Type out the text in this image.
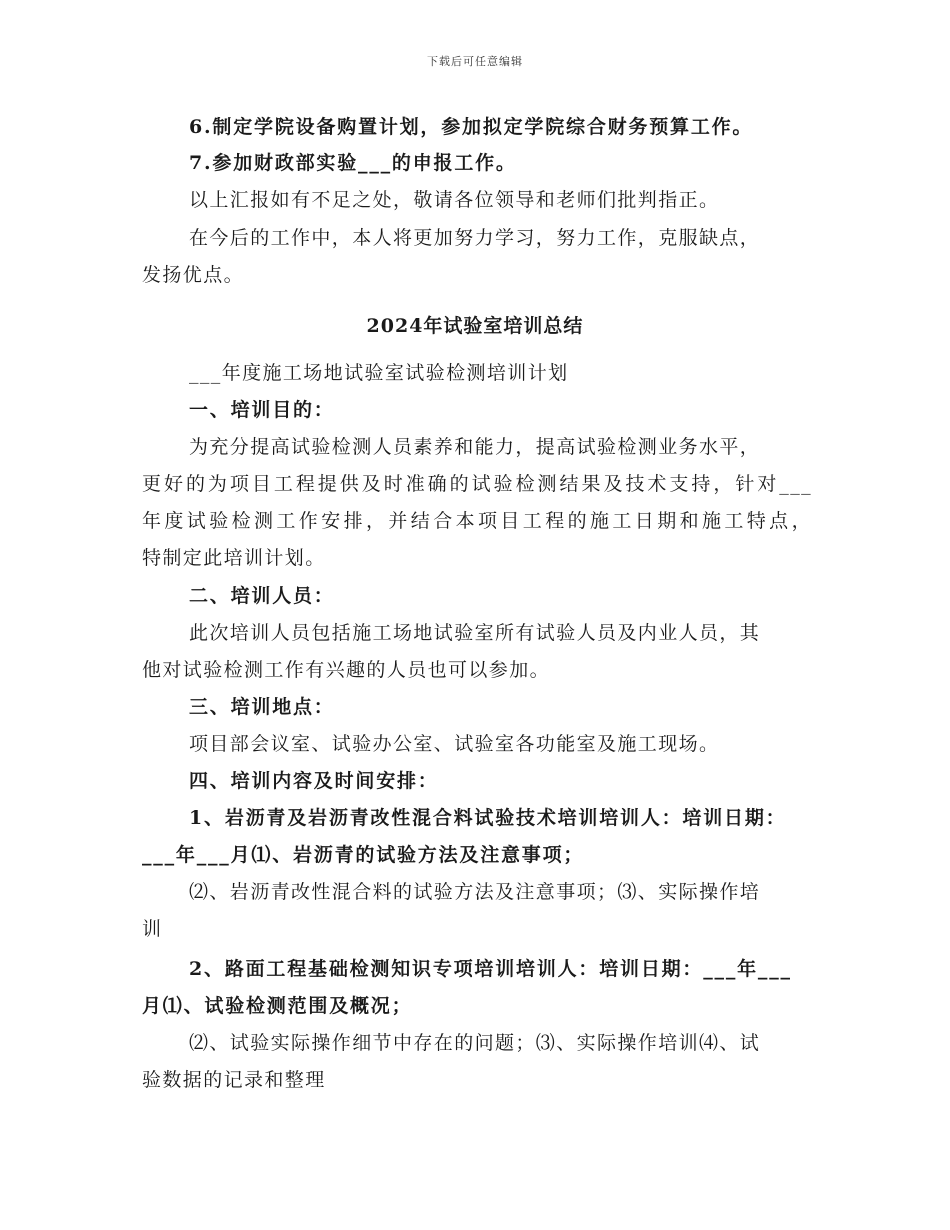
下载后可任意编辑
6.制定学院设备购置计划，参加拟定学院综合财务预算工作。
7.参加财政部实验___的申报工作。
以上汇报如有不足之处，敬请各位领导和老师们批判指正。
在今后的工作中，本人将更加努力学习，努力工作，克服缺点，
发扬优点。
2024年试验室培训总结
___年度施工场地试验室试验检测培训计划
一、培训目的：
为充分提高试验检测人员素养和能力，提高试验检测业务水平，
更好的为项目工程提供及时准确的试验检测结果及技术支持，针对___
年度试验检测工作安排，并结合本项目工程的施工日期和施工特点，
特制定此培训计划。
二、培训人员：
此次培训人员包括施工场地试验室所有试验人员及内业人员，其
他对试验检测工作有兴趣的人员也可以参加。
三、培训地点：
项目部会议室、试验办公室、试验室各功能室及施工现场。
四、培训内容及时间安排：
1、岩沥青及岩沥青改性混合料试验技术培训培训人：培训日期：
___年___月⑴、岩沥青的试验方法及注意事项；
⑵、岩沥青改性混合料的试验方法及注意事项；⑶、实际操作培
训
2、路面工程基础检测知识专项培训培训人：培训日期：___年___
月⑴、试验检测范围及概况；
⑵、试验实际操作细节中存在的问题；⑶、实际操作培训⑷、试
验数据的记录和整理
